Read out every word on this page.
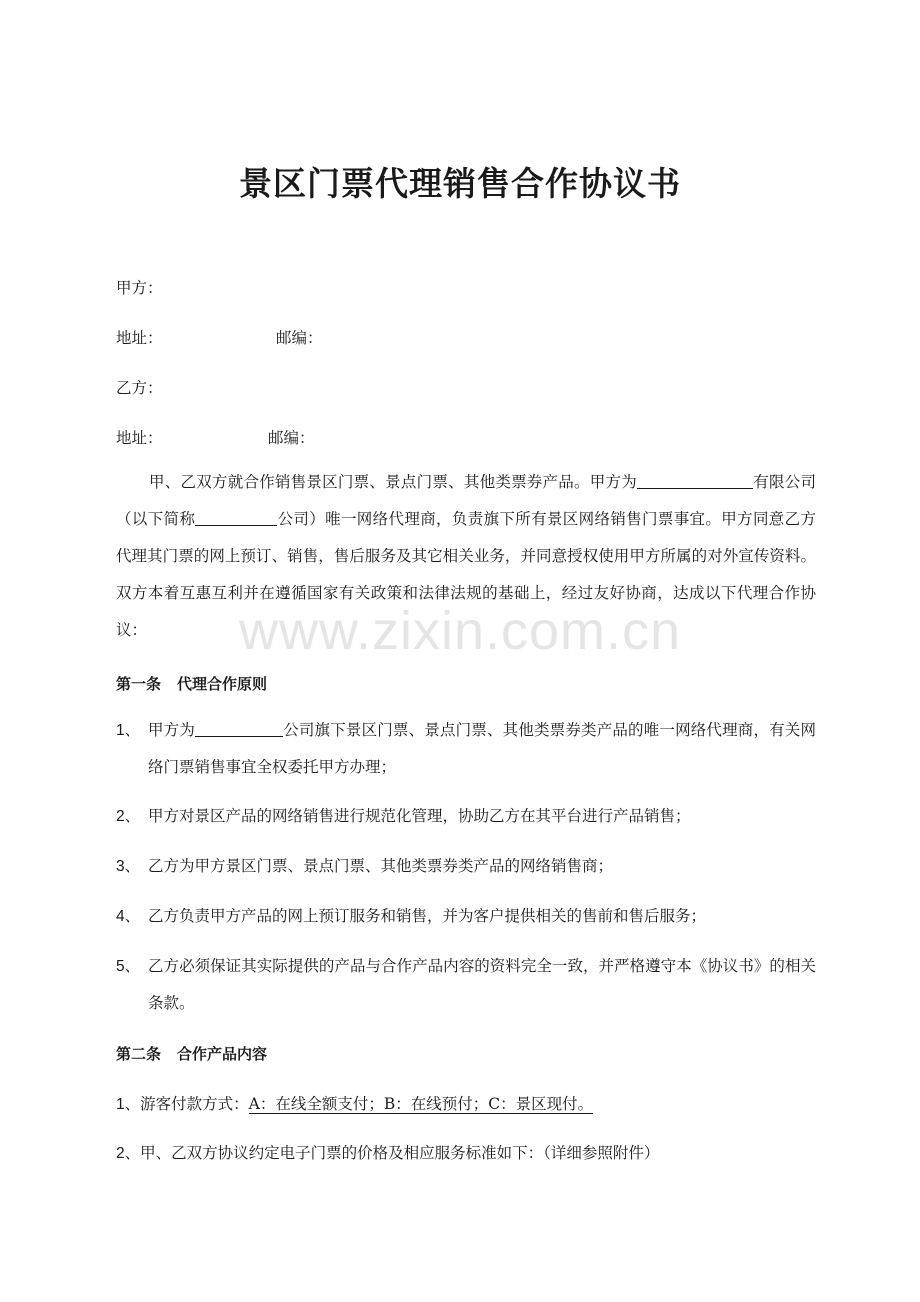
www.zixin.com.cn
景区门票代理销售合作协议书
甲方：
地址：	邮编：
乙方：
地址：	邮编：
甲、乙双方就合作销售景区门票、景点门票、其他类票券产品。甲方为	有限公司（以下简称	公司）唯一网络代理商，负责旗下所有景区网络销售门票事宜。甲方同意乙方代理其门票的网上预订、销售，售后服务及其它相关业务，并同意授权使用甲方所属的对外宣传资料。双方本着互惠互利并在遵循国家有关政策和法律法规的基础上，经过友好协商，达成以下代理合作协议：
第一条 代理合作原则
1、 甲方为	公司旗下景区门票、景点门票、其他类票券类产品的唯一网络代理商，有关网络门票销售事宜全权委托甲方办理；
2、 甲方对景区产品的网络销售进行规范化管理，协助乙方在其平台进行产品销售；
3、 乙方为甲方景区门票、景点门票、其他类票券类产品的网络销售商；
4、 乙方负责甲方产品的网上预订服务和销售，并为客户提供相关的售前和售后服务；
5、 乙方必须保证其实际提供的产品与合作产品内容的资料完全一致，并严格遵守本《协议书》的相关条款。
第二条 合作产品内容
1、游客付款方式：A：在线全额支付；B：在线预付；C：景区现付。
2、甲、乙双方协议约定电子门票的价格及相应服务标准如下：（详细参照附件）
